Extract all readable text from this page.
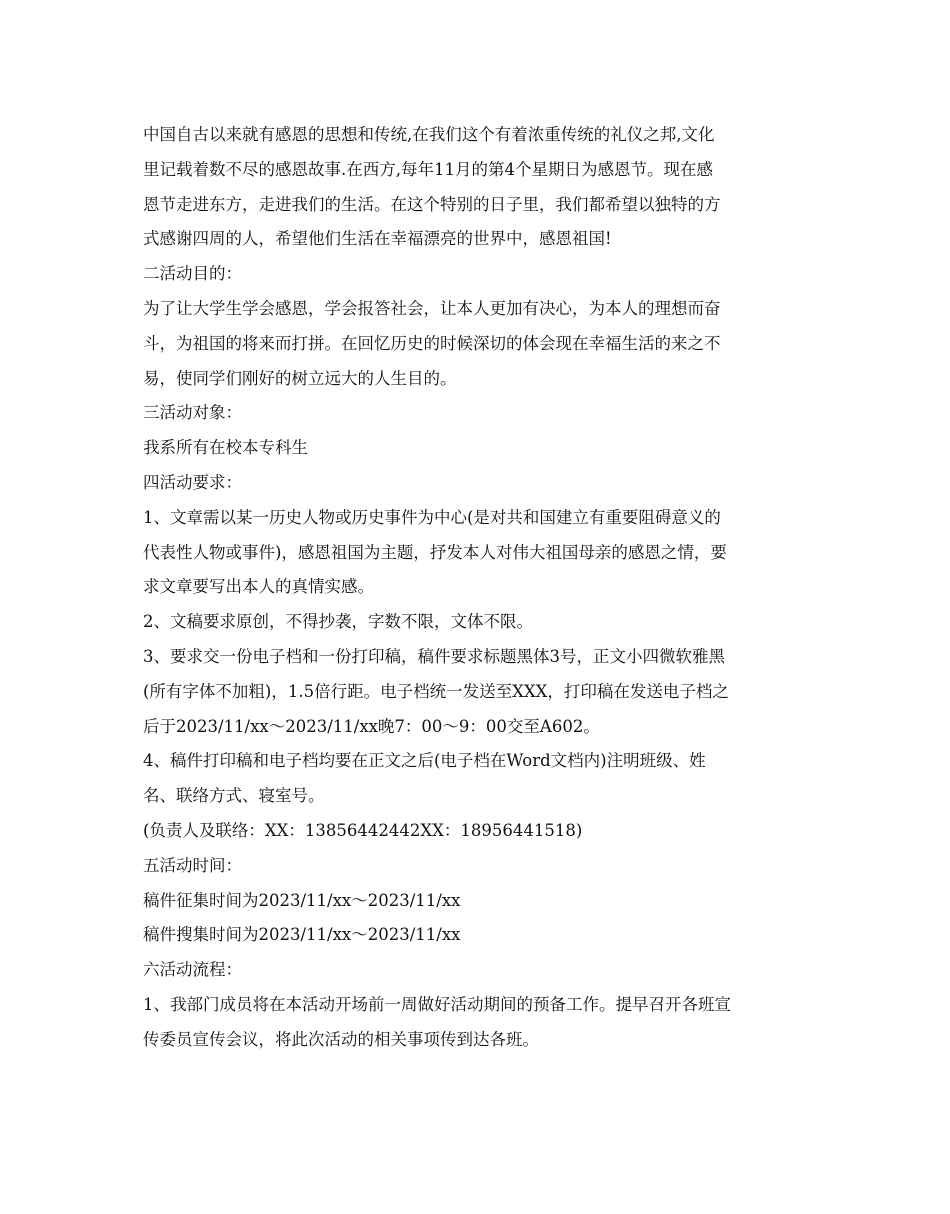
中国自古以来就有感恩的思想和传统,在我们这个有着浓重传统的礼仪之邦,文化
里记载着数不尽的感恩故事.在西方,每年11月的第4个星期日为感恩节。现在感
恩节走进东方，走进我们的生活。在这个特别的日子里，我们都希望以独特的方
式感谢四周的人，希望他们生活在幸福漂亮的世界中，感恩祖国!

二活动目的：

为了让大学生学会感恩，学会报答社会，让本人更加有决心，为本人的理想而奋
斗，为祖国的将来而打拼。在回忆历史的时候深切的体会现在幸福生活的来之不
易，使同学们刚好的树立远大的人生目的。

三活动对象：

我系所有在校本专科生

四活动要求：

1、文章需以某一历史人物或历史事件为中心(是对共和国建立有重要阻碍意义的
代表性人物或事件)，感恩祖国为主题，抒发本人对伟大祖国母亲的感恩之情，要
求文章要写出本人的真情实感。

2、文稿要求原创，不得抄袭，字数不限，文体不限。

3、要求交一份电子档和一份打印稿，稿件要求标题黑体3号，正文小四微软雅黑
(所有字体不加粗)，1.5倍行距。电子档统一发送至XXX，打印稿在发送电子档之
后于2023/11/xx～2023/11/xx晚7：00～9：00交至A602。

4、稿件打印稿和电子档均要在正文之后(电子档在Word文档内)注明班级、姓
名、联络方式、寝室号。

(负责人及联络：XX：13856442442XX：18956441518)

五活动时间：

稿件征集时间为2023/11/xx～2023/11/xx

稿件搜集时间为2023/11/xx～2023/11/xx

六活动流程：

1、我部门成员将在本活动开场前一周做好活动期间的预备工作。提早召开各班宣
传委员宣传会议，将此次活动的相关事项传到达各班。
